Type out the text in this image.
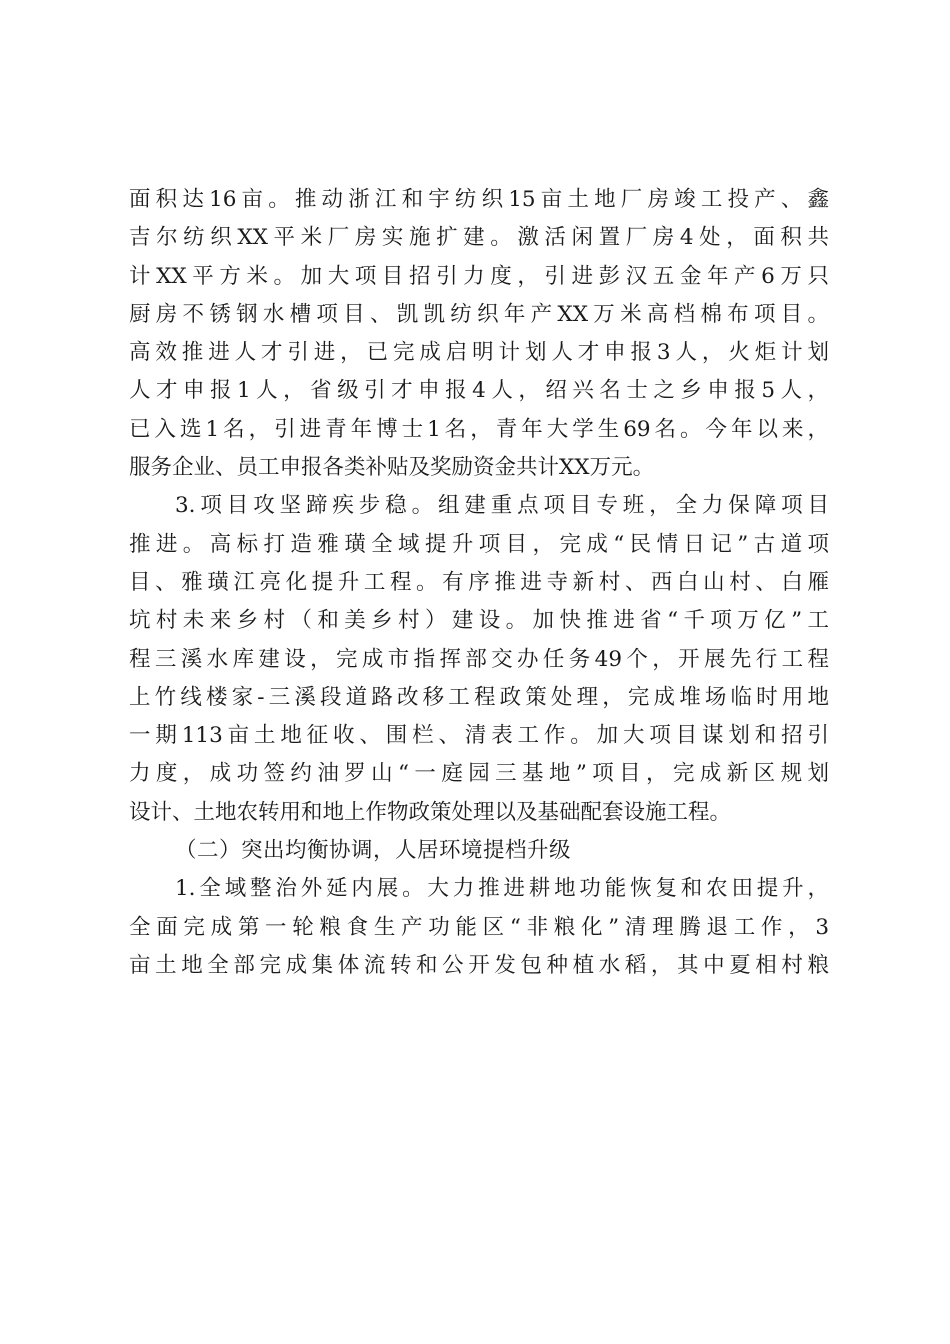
面积达16亩。推动浙江和宇纺织15亩土地厂房竣工投产、鑫
吉尔纺织XX平米厂房实施扩建。激活闲置厂房4处，面积共
计XX平方米。加大项目招引力度，引进彭汉五金年产6万只
厨房不锈钢水槽项目、凯凯纺织年产XX万米高档棉布项目。
高效推进人才引进，已完成启明计划人才申报3人，火炬计划
人才申报1人，省级引才申报4人，绍兴名士之乡申报5人，
已入选1名，引进青年博士1名，青年大学生69名。今年以来，
服务企业、员工申报各类补贴及奖励资金共计XX万元。
3.项目攻坚蹄疾步稳。组建重点项目专班，全力保障项目
推进。高标打造雅璜全域提升项目，完成“民情日记”古道项
目、雅璜江亮化提升工程。有序推进寺新村、西白山村、白雁
坑村未来乡村（和美乡村）建设。加快推进省“千项万亿”工
程三溪水库建设，完成市指挥部交办任务49个，开展先行工程
上竹线楼家-三溪段道路改移工程政策处理，完成堆场临时用地
一期113亩土地征收、围栏、清表工作。加大项目谋划和招引
力度，成功签约油罗山“一庭园三基地”项目，完成新区规划
设计、土地农转用和地上作物政策处理以及基础配套设施工程。
（二）突出均衡协调，人居环境提档升级
1.全域整治外延内展。大力推进耕地功能恢复和农田提升，
全面完成第一轮粮食生产功能区“非粮化”清理腾退工作，3
亩土地全部完成集体流转和公开发包种植水稻，其中夏相村粮
